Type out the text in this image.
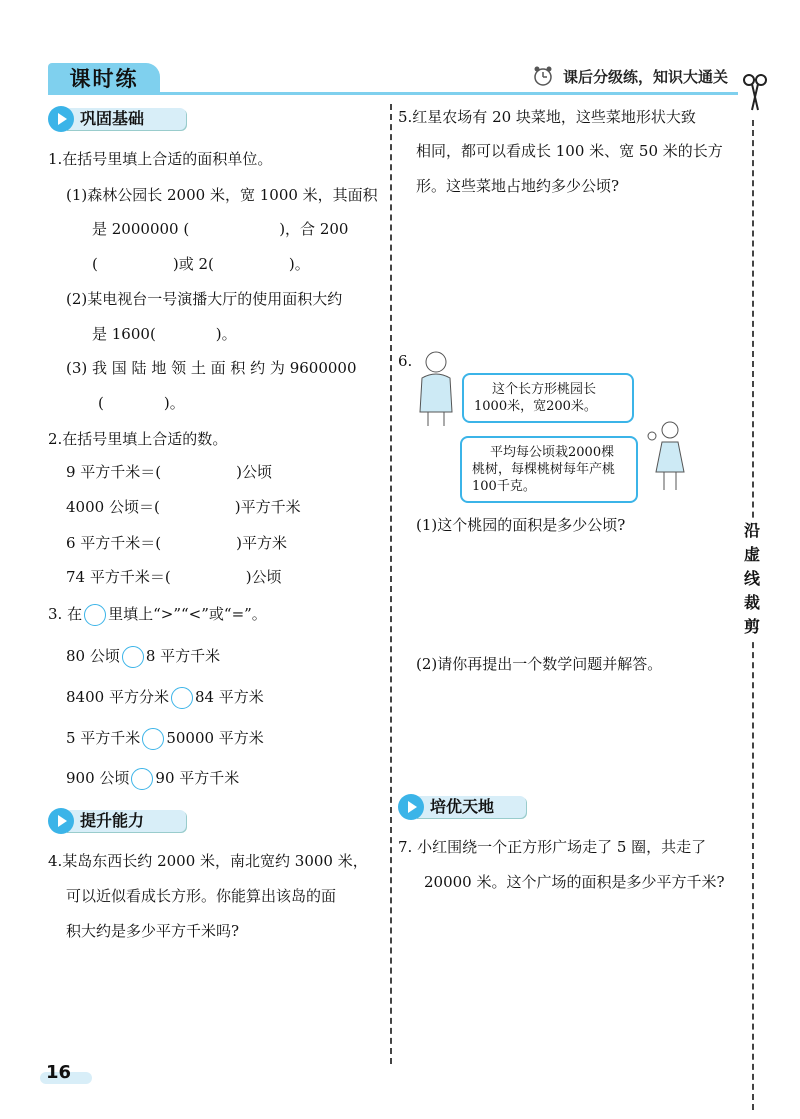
课时练	课后分级练，知识大通关
沿
虚
线
裁
剪
巩固基础
1.在括号里填上合适的面积单位。
(1)森林公园长 2000 米，宽 1000 米，其面积
是 2000000 (　　　　　　)，合 200
(　　　　　)或 2(　　　　　)。
(2)某电视台一号演播大厅的使用面积大约
是 1600(　　　　)。
(3) 我 国 陆 地 领 土 面 积 约 为 9600000
(　　　　)。
2.在括号里填上合适的数。
9 平方千米＝(　　　　　)公顷
4000 公顷＝(　　　　　)平方千米
6 平方千米＝(　　　　　)平方米
74 平方千米＝(　　　　　)公顷
3. 在 里填上“>”“<”或“=”。
80 公顷 8 平方千米
8400 平方分米 84 平方米
5 平方千米 50000 平方米
900 公顷 90 平方千米
提升能力
4.某岛东西长约 2000 米，南北宽约 3000 米，
可以近似看成长方形。你能算出该岛的面
积大约是多少平方千米吗?
5.红星农场有 20 块菜地，这些菜地形状大致
相同，都可以看成长 100 米、宽 50 米的长方
形。这些菜地占地约多少公顷?
6.
这个长方形桃园长
1000米，宽200米。
平均每公顷栽2000棵
桃树，每棵桃树每年产桃
100千克。
(1)这个桃园的面积是多少公顷?
(2)请你再提出一个数学问题并解答。
培优天地
7. 小红围绕一个正方形广场走了 5 圈，共走了
20000 米。这个广场的面积是多少平方千米?
16
